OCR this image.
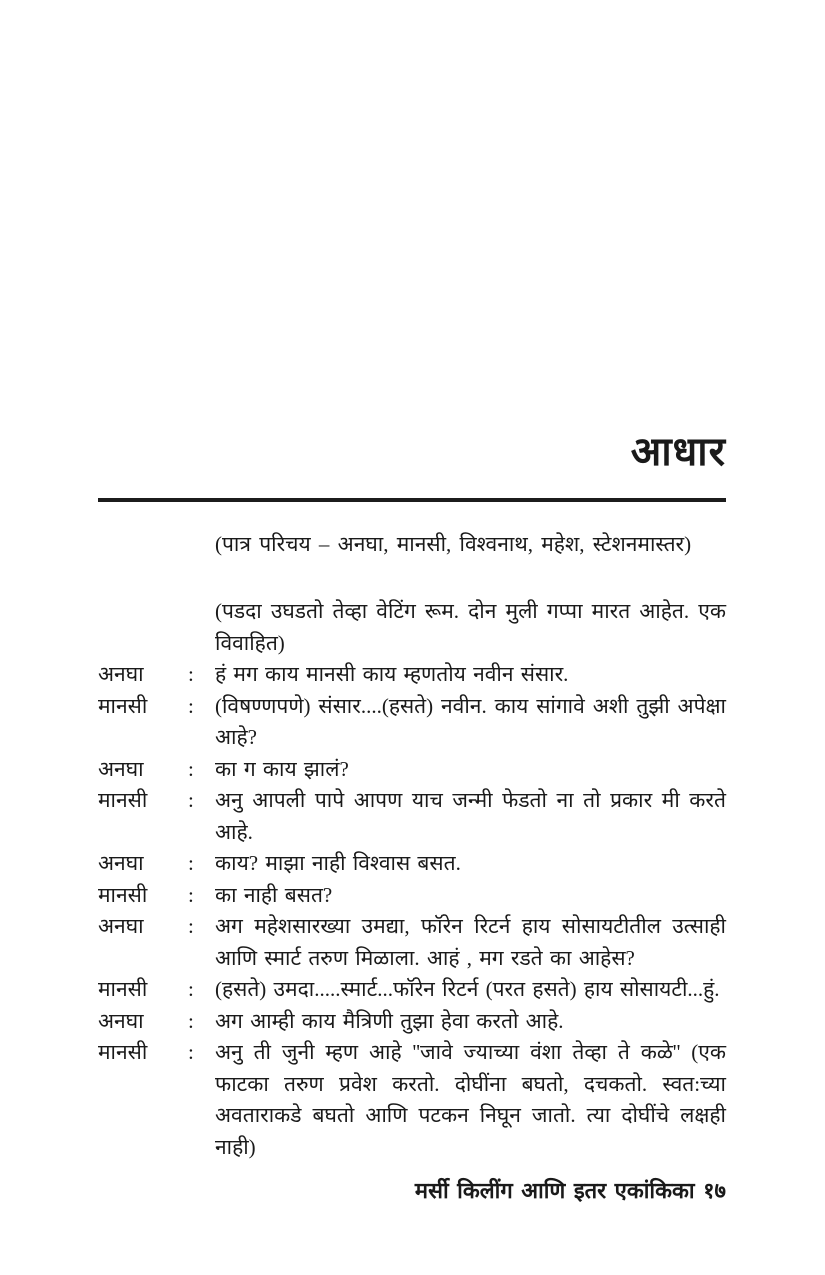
आधार

(पात्र परिचय – अनघा, मानसी, विश्वनाथ, महेश, स्टेशनमास्तर)

(पडदा उघडतो तेव्हा वेटिंग रूम. दोन मुली गप्पा मारत आहेत. एक विवाहित)

अनघा	:	हं मग काय मानसी काय म्हणतोय नवीन संसार.
मानसी	:	(विषण्णपणे) संसार....(हसते) नवीन. काय सांगावे अशी तुझी अपेक्षा आहे?
अनघा	:	का ग काय झालं?
मानसी	:	अनु आपली पापे आपण याच जन्मी फेडतो ना तो प्रकार मी करते आहे.
अनघा	:	काय? माझा नाही विश्वास बसत.
मानसी	:	का नाही बसत?
अनघा	:	अग महेशसारख्या उमद्या, फॉरेन रिटर्न हाय सोसायटीतील उत्साही आणि स्मार्ट तरुण मिळाला. आहं , मग रडते का आहेस?
मानसी	:	(हसते) उमदा.....स्मार्ट...फॉरेन रिटर्न (परत हसते) हाय सोसायटी...हुं.
अनघा	:	अग आम्ही काय मैत्रिणी तुझा हेवा करतो आहे.
मानसी	:	अनु ती जुनी म्हण आहे ''जावे ज्याच्या वंशा तेव्हा ते कळे'' (एक फाटका तरुण प्रवेश करतो. दोघींना बघतो, दचकतो. स्वत:च्या अवताराकडे बघतो आणि पटकन निघून जातो. त्या दोघींचे लक्षही नाही)
मर्सी किलींग आणि इतर एकांकिका १७
